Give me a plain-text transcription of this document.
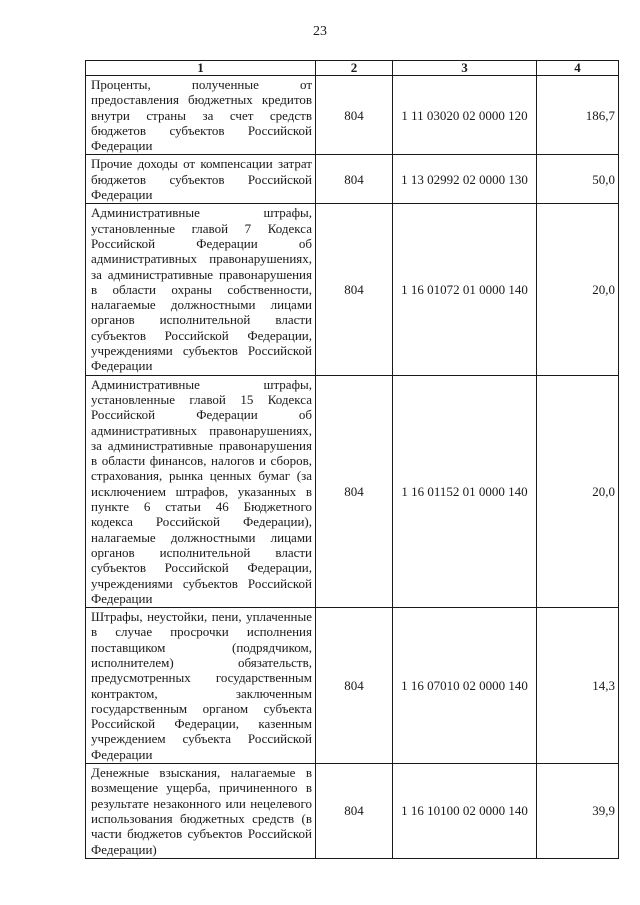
23
1	2	3	4
Проценты, полученные от предоставления бюджетных кредитов внутри страны за счет средств бюджетов субъектов Российской Федерации	804	1 11 03020 02 0000 120	186,7
Прочие доходы от компенсации затрат бюджетов субъектов Российской Федерации	804	1 13 02992 02 0000 130	50,0
Административные штрафы, установленные главой 7 Кодекса Российской Федерации об административных правонарушениях, за административные правонарушения в области охраны собственности, налагаемые должностными лицами органов исполнительной власти субъектов Российской Федерации, учреждениями субъектов Российской Федерации	804	1 16 01072 01 0000 140	20,0
Административные штрафы, установленные главой 15 Кодекса Российской Федерации об административных правонарушениях, за административные правонарушения в области финансов, налогов и сборов, страхования, рынка ценных бумаг (за исключением штрафов, указанных в пункте 6 статьи 46 Бюджетного кодекса Российской Федерации), налагаемые должностными лицами органов исполнительной власти субъектов Российской Федерации, учреждениями субъектов Российской Федерации	804	1 16 01152 01 0000 140	20,0
Штрафы, неустойки, пени, уплаченные в случае просрочки исполнения поставщиком (подрядчиком, исполнителем) обязательств, предусмотренных государственным контрактом, заключенным государственным органом субъекта Российской Федерации, казенным учреждением субъекта Российской Федерации	804	1 16 07010 02 0000 140	14,3
Денежные взыскания, налагаемые в возмещение ущерба, причиненного в результате незаконного или нецелевого использования бюджетных средств (в части бюджетов субъектов Российской Федерации)	804	1 16 10100 02 0000 140	39,9
